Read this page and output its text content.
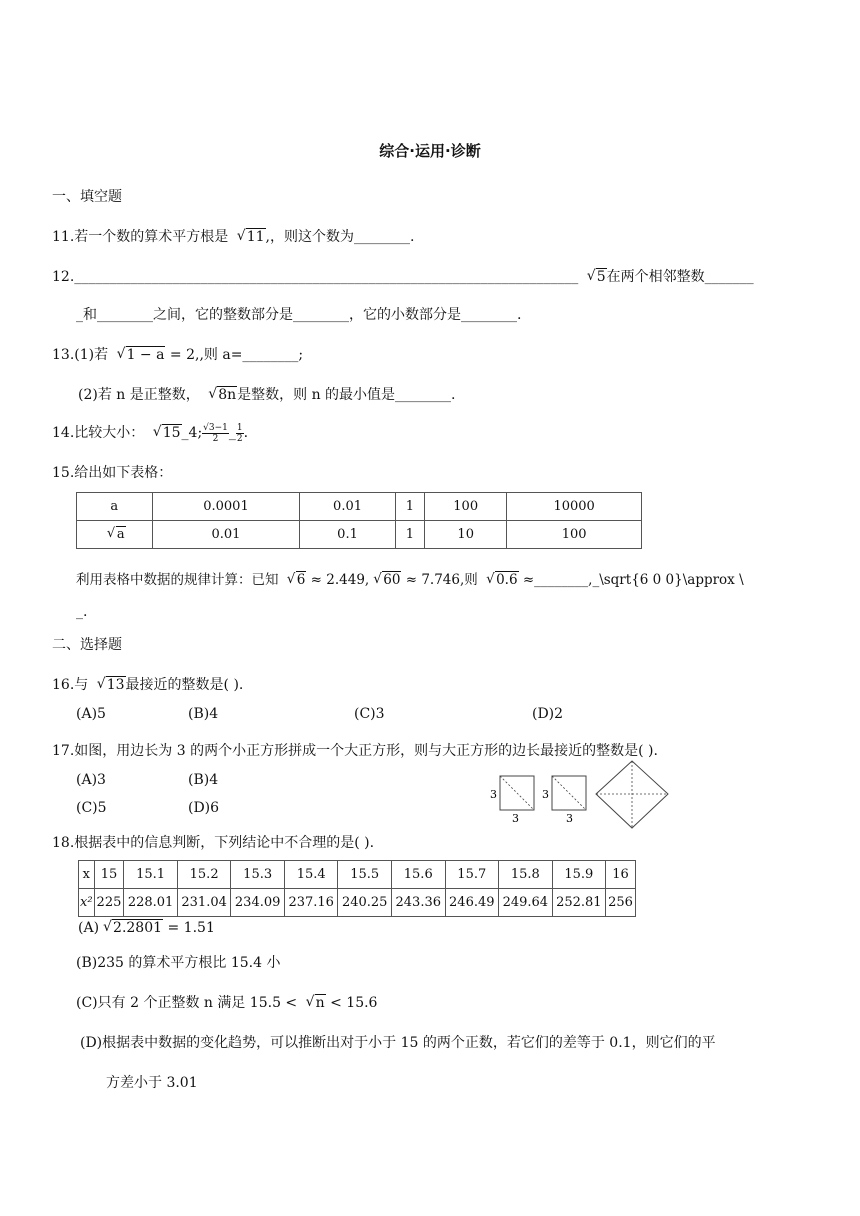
综合·运用·诊断
一、填空题
11.若一个数的算术平方根是 √ 11,，则这个数为________.
12.________________________________________________________________________ √ 5在两个相邻整数_______
_和________之间，它的整数部分是________，它的小数部分是________.
13.(1)若 √ 1 − a = 2,,则 a=________;
(2)若 n 是正整数， √ 8n是整数，则 n 的最小值是________.
14.比较大小： √ 15_4; $\frac{√3-1}{2}$ _ $\frac{1}{2}$ .
15.给出如下表格：
a	0.0001	0.01	1	100	10000
√ a	0.01	0.1	1	10	100
利用表格中数据的规律计算：已知 √ 6 ≈ 2.449, √ 60 ≈ 7.746,则 √ 0.6 ≈________,_\sqrt{6 0 0}\approx \
_.
二、选择题
16.与 √ 13最接近的整数是( ).
(A)5	(B)4	(C)3	(D)2
17.如图，用边长为 3 的两个小正方形拼成一个大正方形，则与大正方形的边长最接近的整数是( ).
(A)3	(B)4
(C)5	(D)6
3
3
3
3
18.根据表中的信息判断，下列结论中不合理的是( ).
x	15	15.1	15.2	15.3	15.4	15.5	15.6	15.7	15.8	15.9	16
x²	225	228.01	231.04	234.09	237.16	240.25	243.36	246.49	249.64	252.81	256
(A) √ 2.2801 = 1.51
(B)235 的算术平方根比 15.4 小
(C)只有 2 个正整数 n 满足 15.5 < √ n < 15.6
(D)根据表中数据的变化趋势，可以推断出对于小于 15 的两个正数，若它们的差等于 0.1，则它们的平
方差小于 3.01
